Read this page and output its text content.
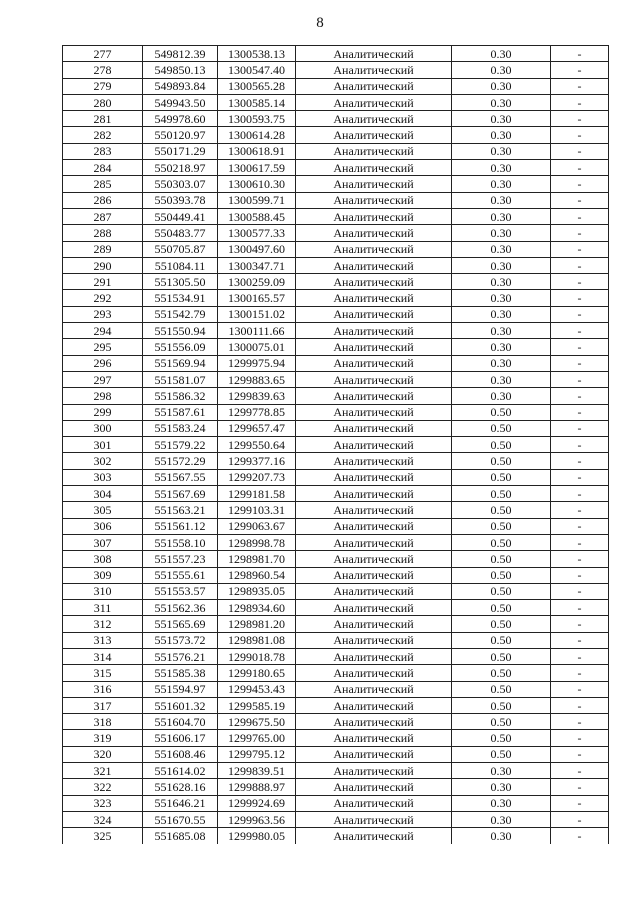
8
277	549812.39	1300538.13	Аналитический	0.30	-
278	549850.13	1300547.40	Аналитический	0.30	-
279	549893.84	1300565.28	Аналитический	0.30	-
280	549943.50	1300585.14	Аналитический	0.30	-
281	549978.60	1300593.75	Аналитический	0.30	-
282	550120.97	1300614.28	Аналитический	0.30	-
283	550171.29	1300618.91	Аналитический	0.30	-
284	550218.97	1300617.59	Аналитический	0.30	-
285	550303.07	1300610.30	Аналитический	0.30	-
286	550393.78	1300599.71	Аналитический	0.30	-
287	550449.41	1300588.45	Аналитический	0.30	-
288	550483.77	1300577.33	Аналитический	0.30	-
289	550705.87	1300497.60	Аналитический	0.30	-
290	551084.11	1300347.71	Аналитический	0.30	-
291	551305.50	1300259.09	Аналитический	0.30	-
292	551534.91	1300165.57	Аналитический	0.30	-
293	551542.79	1300151.02	Аналитический	0.30	-
294	551550.94	1300111.66	Аналитический	0.30	-
295	551556.09	1300075.01	Аналитический	0.30	-
296	551569.94	1299975.94	Аналитический	0.30	-
297	551581.07	1299883.65	Аналитический	0.30	-
298	551586.32	1299839.63	Аналитический	0.30	-
299	551587.61	1299778.85	Аналитический	0.50	-
300	551583.24	1299657.47	Аналитический	0.50	-
301	551579.22	1299550.64	Аналитический	0.50	-
302	551572.29	1299377.16	Аналитический	0.50	-
303	551567.55	1299207.73	Аналитический	0.50	-
304	551567.69	1299181.58	Аналитический	0.50	-
305	551563.21	1299103.31	Аналитический	0.50	-
306	551561.12	1299063.67	Аналитический	0.50	-
307	551558.10	1298998.78	Аналитический	0.50	-
308	551557.23	1298981.70	Аналитический	0.50	-
309	551555.61	1298960.54	Аналитический	0.50	-
310	551553.57	1298935.05	Аналитический	0.50	-
311	551562.36	1298934.60	Аналитический	0.50	-
312	551565.69	1298981.20	Аналитический	0.50	-
313	551573.72	1298981.08	Аналитический	0.50	-
314	551576.21	1299018.78	Аналитический	0.50	-
315	551585.38	1299180.65	Аналитический	0.50	-
316	551594.97	1299453.43	Аналитический	0.50	-
317	551601.32	1299585.19	Аналитический	0.50	-
318	551604.70	1299675.50	Аналитический	0.50	-
319	551606.17	1299765.00	Аналитический	0.50	-
320	551608.46	1299795.12	Аналитический	0.50	-
321	551614.02	1299839.51	Аналитический	0.30	-
322	551628.16	1299888.97	Аналитический	0.30	-
323	551646.21	1299924.69	Аналитический	0.30	-
324	551670.55	1299963.56	Аналитический	0.30	-
325	551685.08	1299980.05	Аналитический	0.30	-
